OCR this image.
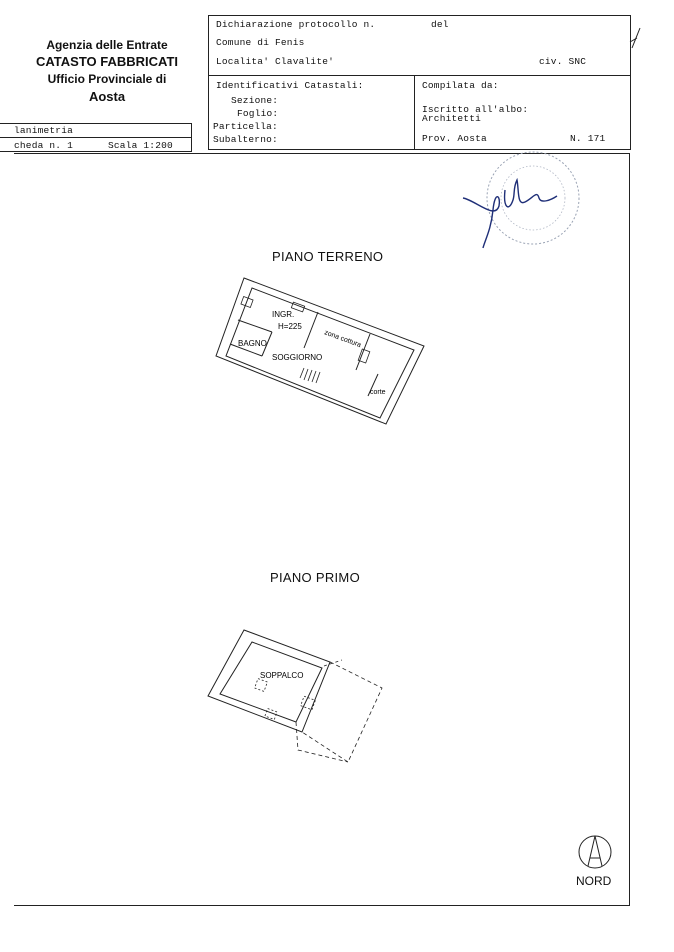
Agenzia delle Entrate
CATASTO FABBRICATI
Ufficio Provinciale di
Aosta
lanimetria
cheda n. 1	Scala 1:200
Dichiarazione protocollo n.	del
Comune di Fenis
Localita' Clavalite'	civ. SNC
Identificativi Catastali:
Sezione:
Foglio:
Particella:
Subalterno:
Compilata da:
Iscritto all'albo:
Architetti
Prov. Aosta	N. 171
PIANO TERRENO
INGR.
H=225
BAGNO
SOGGIORNO
zona cottura
corte
PIANO PRIMO
SOPPALCO
NORD
